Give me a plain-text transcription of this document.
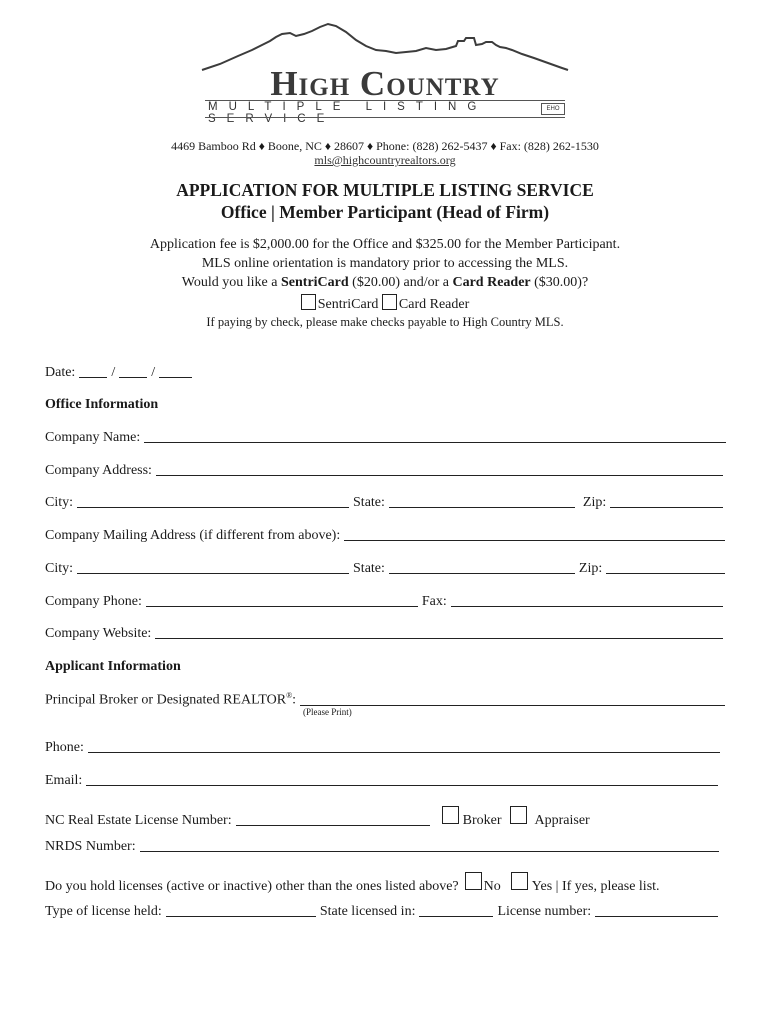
High Country
MULTIPLE LISTING SERVICE
EHO
4469 Bamboo Rd ♦ Boone, NC ♦ 28607 ♦ Phone: (828) 262-5437 ♦ Fax: (828) 262-1530
mls@highcountryrealtors.org
APPLICATION FOR MULTIPLE LISTING SERVICE
Office | Member Participant (Head of Firm)
Application fee is $2,000.00 for the Office and $325.00 for the Member Participant.
MLS online orientation is mandatory prior to accessing the MLS.
Would you like a SentriCard ($20.00) and/or a Card Reader ($30.00)?
SentriCard Card Reader
If paying by check, please make checks payable to High Country MLS.
Date:	/	/
Office Information
Company Name:
Company Address:
City:	State:	Zip:
Company Mailing Address (if different from above):
City:	State:	Zip:
Company Phone:	Fax:
Company Website:
Applicant Information
Principal Broker or Designated REALTOR®:
(Please Print)
Phone:
Email:
NC Real Estate License Number:	Broker Appraiser
NRDS Number:
Do you hold licenses (active or inactive) other than the ones listed above? No Yes | If yes, please list.
Type of license held:	State licensed in:	License number:
